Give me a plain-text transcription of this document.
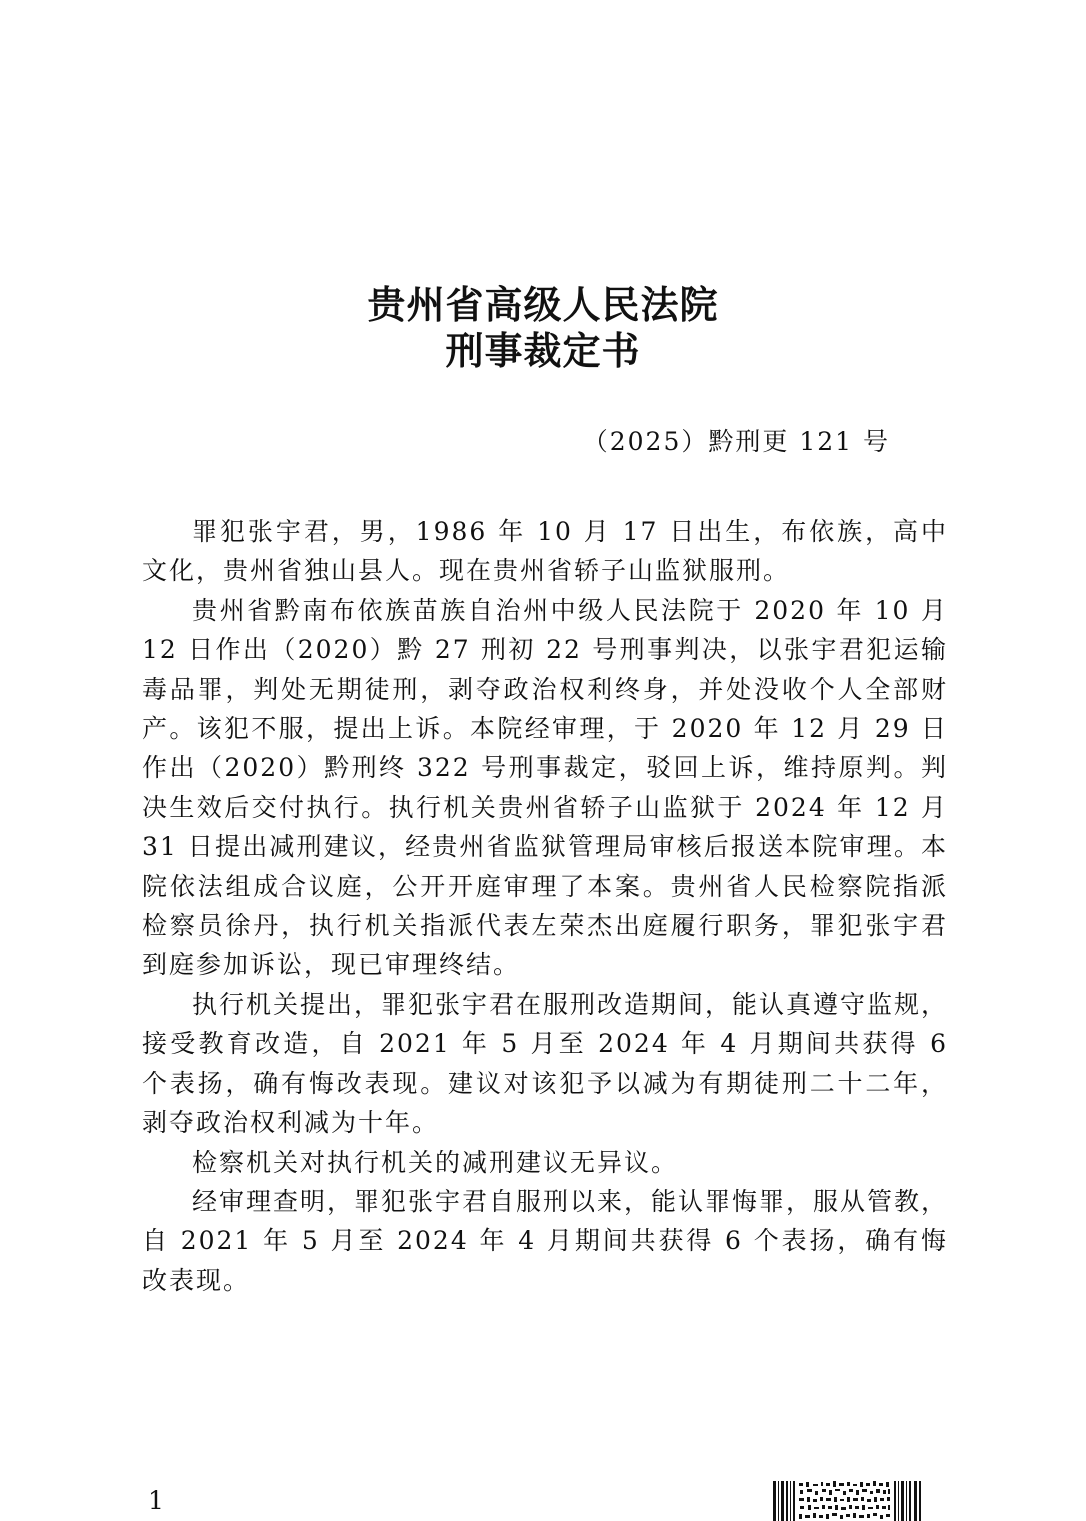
贵州省高级人民法院
刑事裁定书
（2025）黔刑更 121 号

罪犯张宇君，男，1986 年 10 月 17 日出生，布依族，高中文化，贵州省独山县人。现在贵州省轿子山监狱服刑。

贵州省黔南布依族苗族自治州中级人民法院于 2020 年 10 月 12 日作出（2020）黔 27 刑初 22 号刑事判决，以张宇君犯运输毒品罪，判处无期徒刑，剥夺政治权利终身，并处没收个人全部财产。该犯不服，提出上诉。本院经审理，于 2020 年 12 月 29 日作出（2020）黔刑终 322 号刑事裁定，驳回上诉，维持原判。判决生效后交付执行。执行机关贵州省轿子山监狱于 2024 年 12 月 31 日提出减刑建议，经贵州省监狱管理局审核后报送本院审理。本院依法组成合议庭，公开开庭审理了本案。贵州省人民检察院指派检察员徐丹，执行机关指派代表左荣杰出庭履行职务，罪犯张宇君到庭参加诉讼，现已审理终结。

执行机关提出，罪犯张宇君在服刑改造期间，能认真遵守监规，接受教育改造，自 2021 年 5 月至 2024 年 4 月期间共获得 6 个表扬，确有悔改表现。建议对该犯予以减为有期徒刑二十二年，剥夺政治权利减为十年。

检察机关对执行机关的减刑建议无异议。

经审理查明，罪犯张宇君自服刑以来，能认罪悔罪，服从管教，自 2021 年 5 月至 2024 年 4 月期间共获得 6 个表扬，确有悔改表现。

1
